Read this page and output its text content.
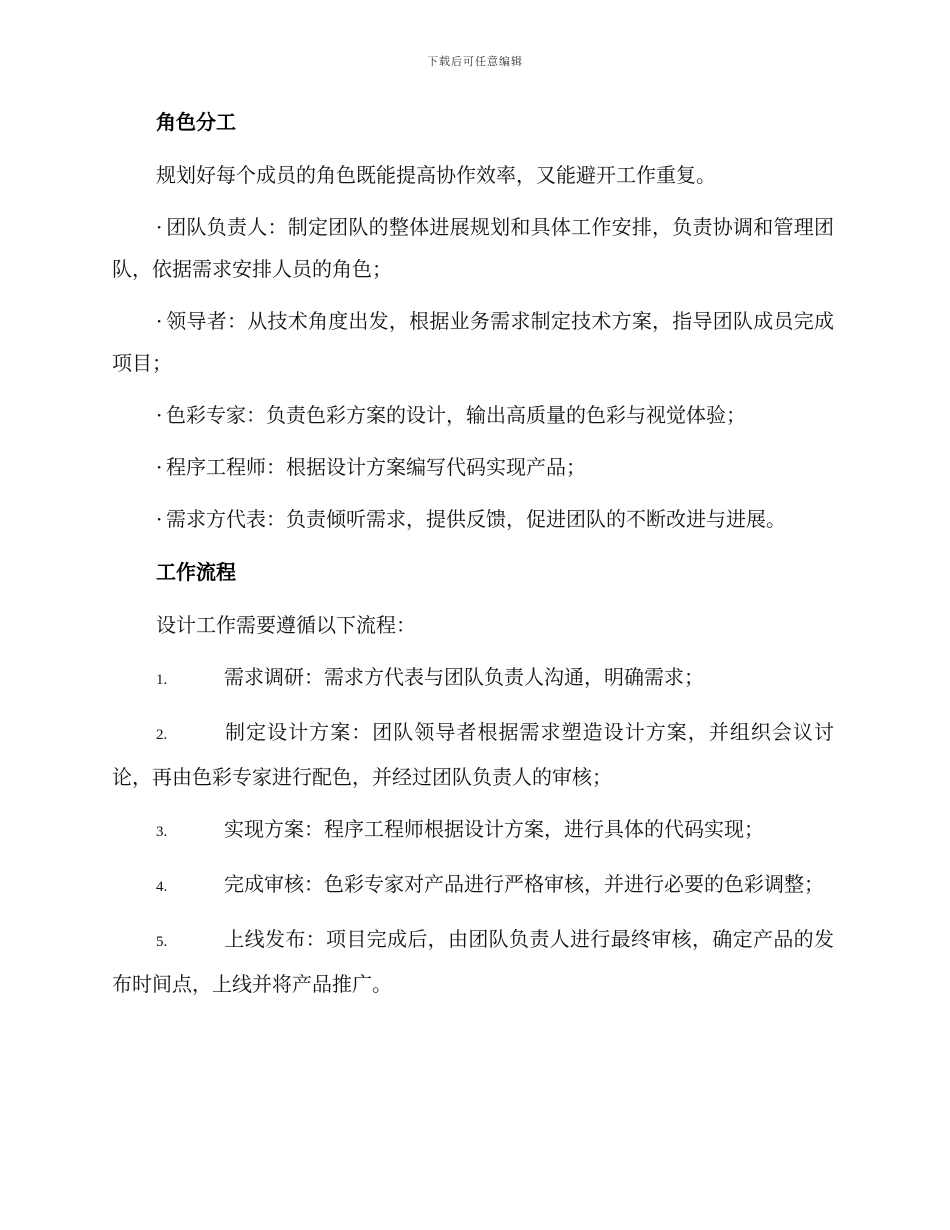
下载后可任意编辑
角色分工

规划好每个成员的角色既能提高协作效率，又能避开工作重复。

· 团队负责人：制定团队的整体进展规划和具体工作安排，负责协调和管理团队，依据需求安排人员的角色；

· 领导者：从技术角度出发，根据业务需求制定技术方案，指导团队成员完成项目；

· 色彩专家：负责色彩方案的设计，输出高质量的色彩与视觉体验；

· 程序工程师：根据设计方案编写代码实现产品；

· 需求方代表：负责倾听需求，提供反馈，促进团队的不断改进与进展。

工作流程

设计工作需要遵循以下流程：

1.	需求调研：需求方代表与团队负责人沟通，明确需求；

2.	制定设计方案：团队领导者根据需求塑造设计方案，并组织会议讨论，再由色彩专家进行配色，并经过团队负责人的审核；

3.	实现方案：程序工程师根据设计方案，进行具体的代码实现；

4.	完成审核：色彩专家对产品进行严格审核，并进行必要的色彩调整；

5.	上线发布：项目完成后，由团队负责人进行最终审核，确定产品的发布时间点，上线并将产品推广。
